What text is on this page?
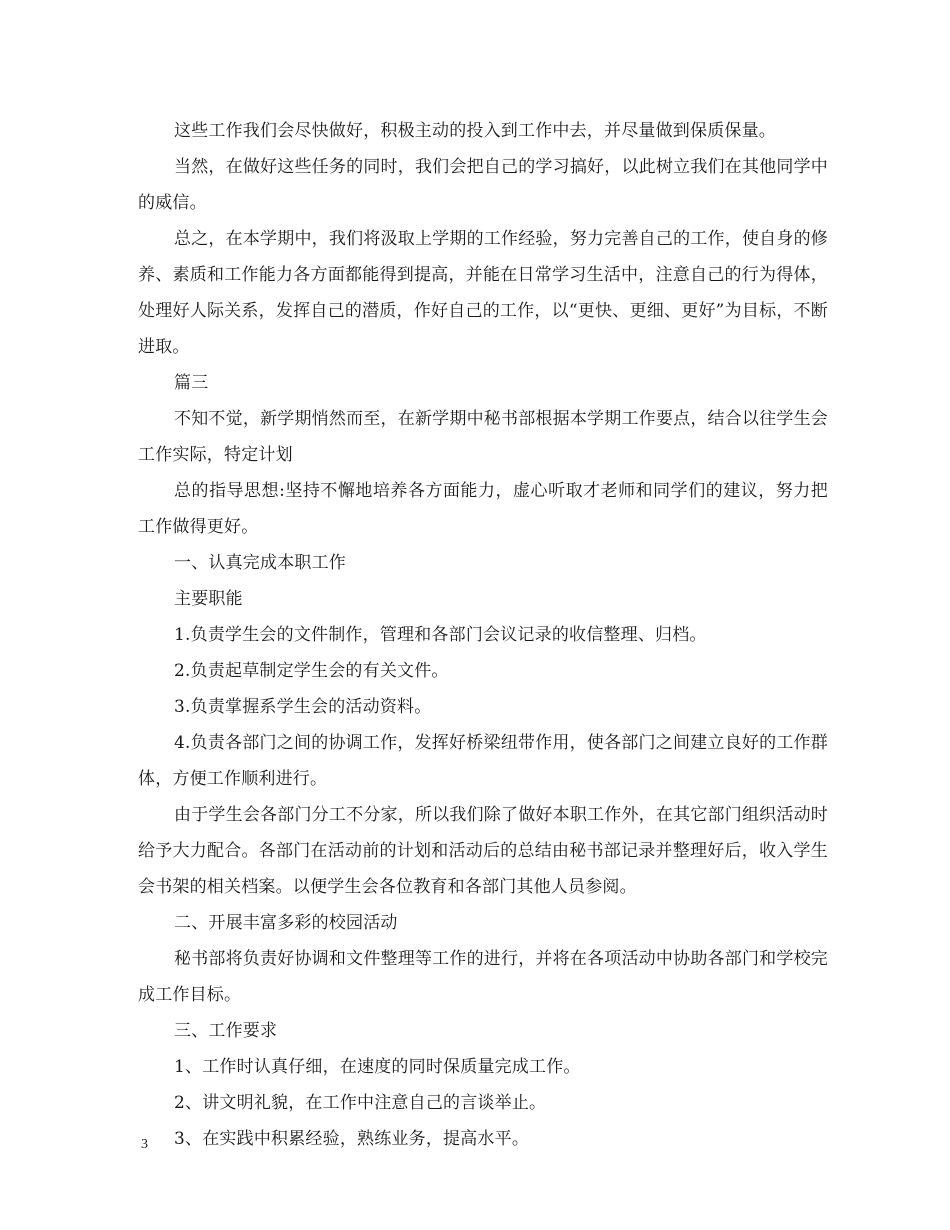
这些工作我们会尽快做好，积极主动的投入到工作中去，并尽量做到保质保量。

当然，在做好这些任务的同时，我们会把自己的学习搞好，以此树立我们在其他同学中的威信。

总之，在本学期中，我们将汲取上学期的工作经验，努力完善自己的工作，使自身的修养、素质和工作能力各方面都能得到提高，并能在日常学习生活中，注意自己的行为得体，处理好人际关系，发挥自己的潜质，作好自己的工作，以“更快、更细、更好”为目标，不断进取。

篇三

不知不觉，新学期悄然而至，在新学期中秘书部根据本学期工作要点，结合以往学生会工作实际，特定计划

总的指导思想:坚持不懈地培养各方面能力，虚心听取才老师和同学们的建议，努力把工作做得更好。

一、认真完成本职工作

主要职能

1.负责学生会的文件制作，管理和各部门会议记录的收信整理、归档。

2.负责起草制定学生会的有关文件。

3.负责掌握系学生会的活动资料。

4.负责各部门之间的协调工作，发挥好桥梁纽带作用，使各部门之间建立良好的工作群体，方便工作顺利进行。

由于学生会各部门分工不分家，所以我们除了做好本职工作外，在其它部门组织活动时给予大力配合。各部门在活动前的计划和活动后的总结由秘书部记录并整理好后，收入学生会书架的相关档案。以便学生会各位教育和各部门其他人员参阅。

二、开展丰富多彩的校园活动

秘书部将负责好协调和文件整理等工作的进行，并将在各项活动中协助各部门和学校完成工作目标。

三、工作要求

1、工作时认真仔细，在速度的同时保质量完成工作。

2、讲文明礼貌，在工作中注意自己的言谈举止。

3、在实践中积累经验，熟练业务，提高水平。

3
